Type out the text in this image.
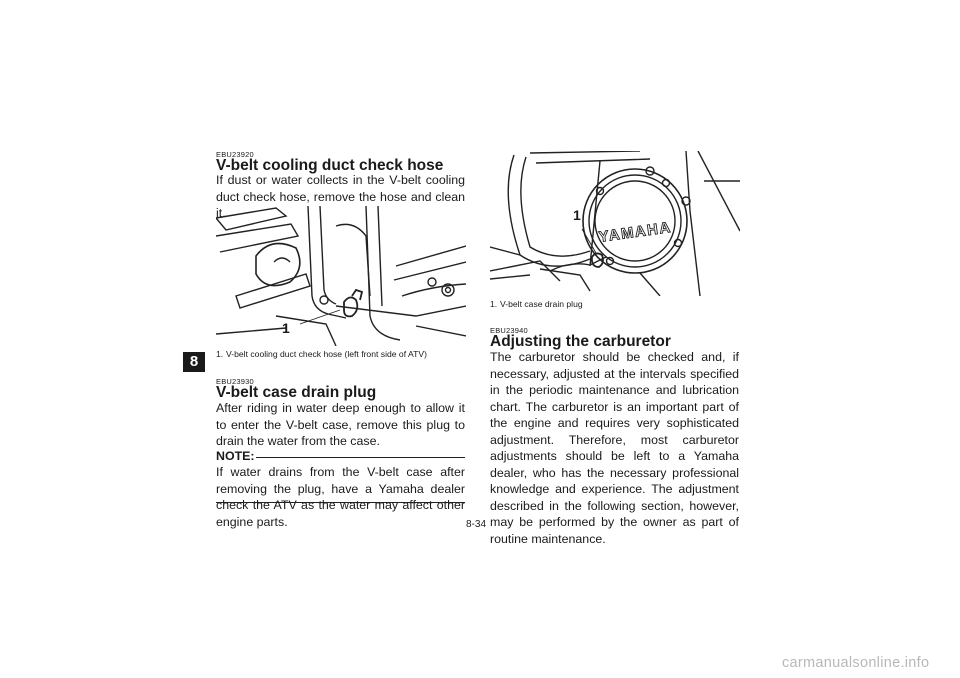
8
EBU23920
V-belt cooling duct check hose
If dust or water collects in the V-belt cooling duct check hose, remove the hose and clean it.
1
1. V-belt cooling duct check hose (left front side of ATV)
EBU23930
V-belt case drain plug
After riding in water deep enough to allow it to enter the V-belt case, remove this plug to drain the water from the case.
NOTE:
If water drains from the V-belt case after removing the plug, have a Yamaha dealer check the ATV as the water may affect other engine parts.
YAMAHA
1
1. V-belt case drain plug
EBU23940
Adjusting the carburetor
The carburetor should be checked and, if necessary, adjusted at the intervals specified in the periodic maintenance and lubrication chart. The carburetor is an important part of the engine and requires very sophisticated adjustment. Therefore, most carburetor adjustments should be left to a Yamaha dealer, who has the necessary professional knowledge and experience. The adjustment described in the following section, however, may be performed by the owner as part of routine maintenance.
8-34
carmanualsonline.info
